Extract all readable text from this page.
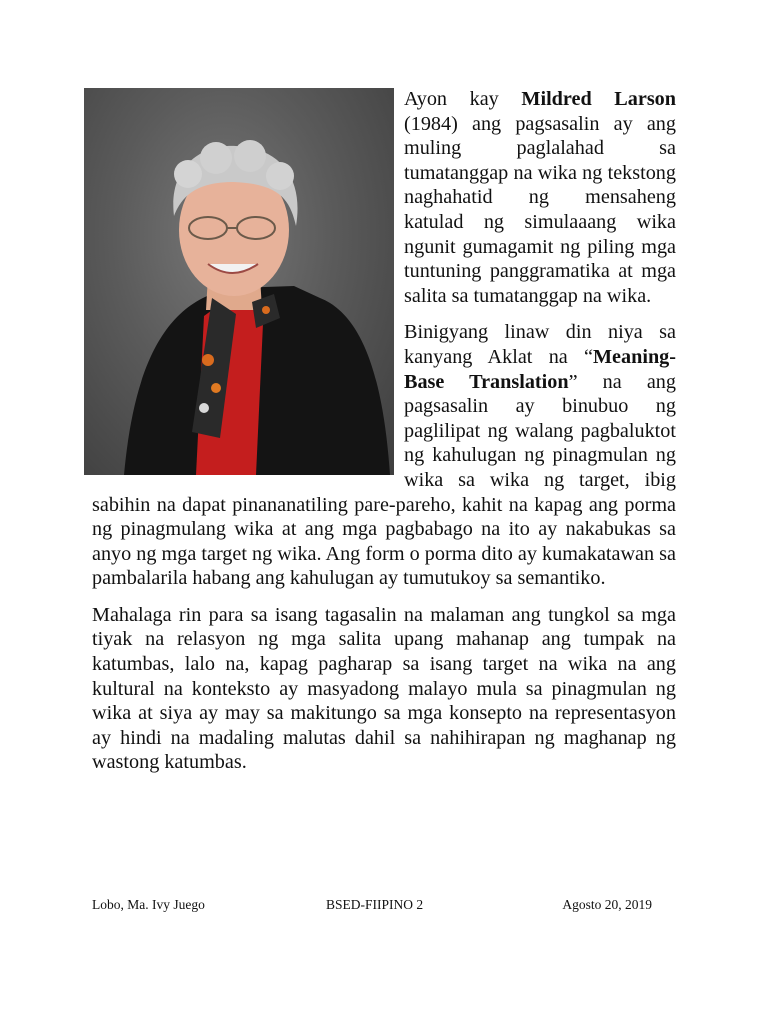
Ayon kay Mildred Larson (1984) ang pagsasalin ay ang muling paglalahad sa tumatanggap na wika ng tekstong naghahatid ng mensaheng katulad ng simulaaang wika ngunit gumagamit ng piling mga tuntuning panggramatika at mga salita sa tumatanggap na wika.

Binigyang linaw din niya sa kanyang Aklat na “Meaning-Base Translation” na ang pagsasalin ay binubuo ng paglilipat ng walang pagbaluktot ng kahulugan ng pinagmulan ng wika sa wika ng target, ibig sabihin na dapat pinananatiling pare-pareho, kahit na kapag ang porma ng pinagmulang wika at ang mga pagbabago na ito ay nakabukas sa anyo ng mga target ng wika. Ang form o porma dito ay kumakatawan sa pambalarila habang ang kahulugan ay tumutukoy sa semantiko.

Mahalaga rin para sa isang tagasalin na malaman ang tungkol sa mga tiyak na relasyon ng mga salita upang mahanap ang tumpak na katumbas, lalo na, kapag pagharap sa isang target na wika na ang kultural na konteksto ay masyadong malayo mula sa pinagmulan ng wika at siya ay may sa makitungo sa mga konsepto na representasyon ay hindi na madaling malutas dahil sa nahihirapan ng maghanap ng wastong katumbas.

Lobo, Ma. Ivy Juego	BSED-FIIPINO 2	Agosto 20, 2019
